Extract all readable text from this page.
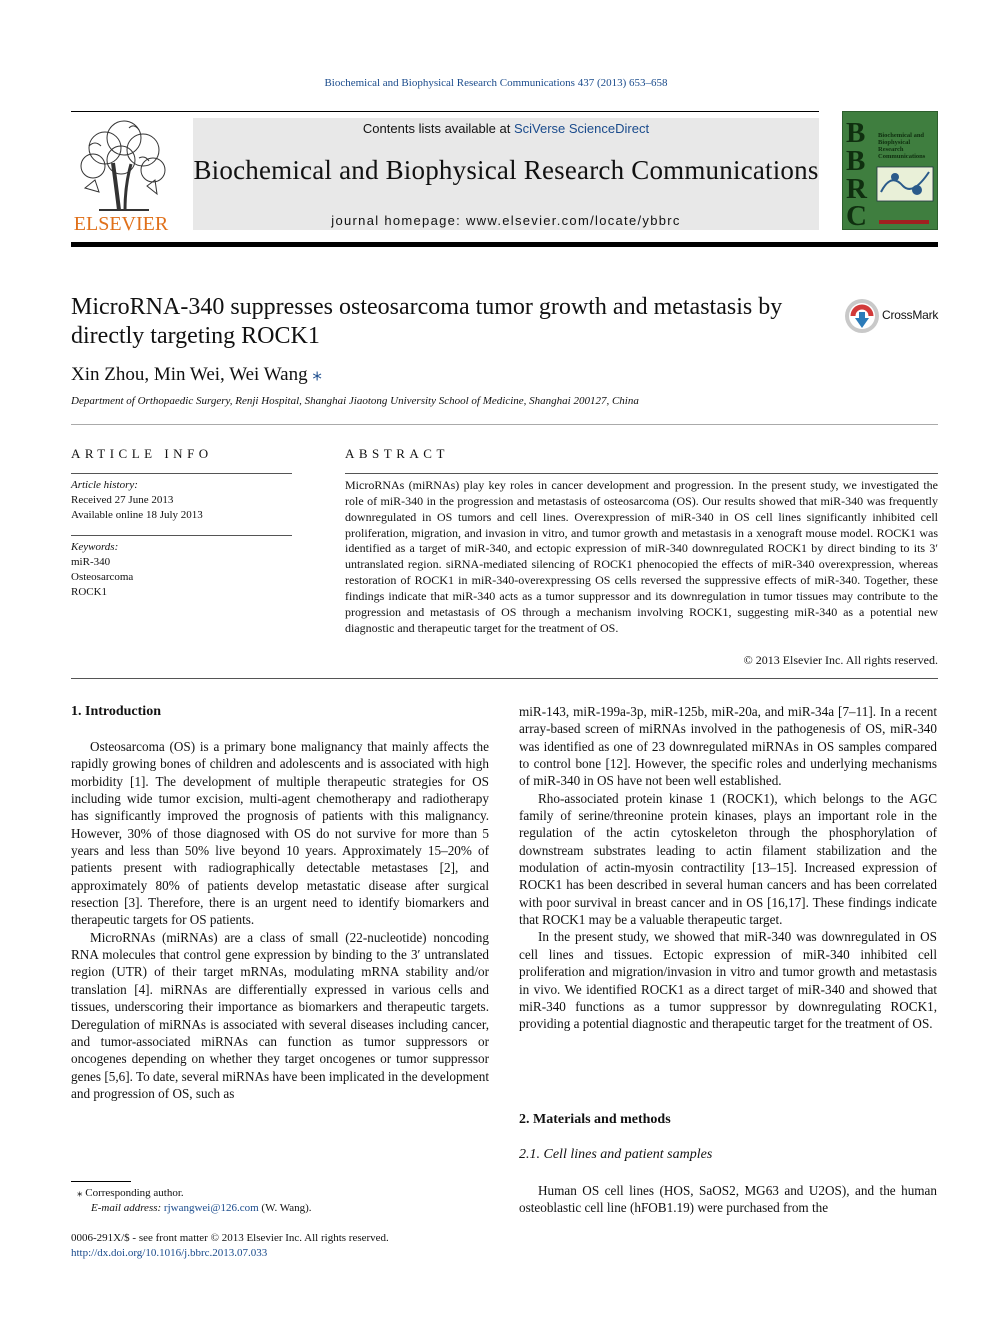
Biochemical and Biophysical Research Communications 437 (2013) 653–658
ELSEVIER
Contents lists available at SciVerse ScienceDirect
Biochemical and Biophysical Research Communications
journal homepage: www.elsevier.com/locate/ybbrc
B
B
R
C
Biochemical and Biophysical Research Communications
MicroRNA-340 suppresses osteosarcoma tumor growth and metastasis by directly targeting ROCK1
CrossMark
Xin Zhou, Min Wei, Wei Wang ⁎
Department of Orthopaedic Surgery, Renji Hospital, Shanghai Jiaotong University School of Medicine, Shanghai 200127, China
ARTICLE INFO	ABSTRACT
Article history:
Received 27 June 2013
Available online 18 July 2013
Keywords:
miR-340
Osteosarcoma
ROCK1
MicroRNAs (miRNAs) play key roles in cancer development and progression. In the present study, we investigated the role of miR-340 in the progression and metastasis of osteosarcoma (OS). Our results showed that miR-340 was frequently downregulated in OS tumors and cell lines. Overexpression of miR-340 in OS cell lines significantly inhibited cell proliferation, migration, and invasion in vitro, and tumor growth and metastasis in a xenograft mouse model. ROCK1 was identified as a target of miR-340, and ectopic expression of miR-340 downregulated ROCK1 by direct binding to its 3′ untranslated region. siRNA-mediated silencing of ROCK1 phenocopied the effects of miR-340 overexpression, whereas restoration of ROCK1 in miR-340-overexpressing OS cells reversed the suppressive effects of miR-340. Together, these findings indicate that miR-340 acts as a tumor suppressor and its downregulation in tumor tissues may contribute to the progression and metastasis of OS through a mechanism involving ROCK1, suggesting miR-340 as a potential new diagnostic and therapeutic target for the treatment of OS.
© 2013 Elsevier Inc. All rights reserved.
1. Introduction

Osteosarcoma (OS) is a primary bone malignancy that mainly affects the rapidly growing bones of children and adolescents and is associated with high morbidity [1]. The development of multiple therapeutic strategies for OS including wide tumor excision, multi-agent chemotherapy and radiotherapy has significantly improved the prognosis of patients with this malignancy. However, 30% of those diagnosed with OS do not survive for more than 5 years and less than 50% live beyond 10 years. Approximately 15–20% of patients present with radiographically detectable metastases [2], and approximately 80% of patients develop metastatic disease after surgical resection [3]. Therefore, there is an urgent need to identify biomarkers and therapeutic targets for OS patients.

MicroRNAs (miRNAs) are a class of small (22-nucleotide) noncoding RNA molecules that control gene expression by binding to the 3′ untranslated region (UTR) of their target mRNAs, modulating mRNA stability and/or translation [4]. miRNAs are differentially expressed in various cells and tissues, underscoring their importance as biomarkers and therapeutic targets. Deregulation of miRNAs is associated with several diseases including cancer, and tumor-associated miRNAs can function as tumor suppressors or oncogenes depending on whether they target oncogenes or tumor suppressor genes [5,6]. To date, several miRNAs have been implicated in the development and progression of OS, such as

miR-143, miR-199a-3p, miR-125b, miR-20a, and miR-34a [7–11]. In a recent array-based screen of miRNAs involved in the pathogenesis of OS, miR-340 was identified as one of 23 downregulated miRNAs in OS samples compared to control bone [12]. However, the specific roles and underlying mechanisms of miR-340 in OS have not been well established.

Rho-associated protein kinase 1 (ROCK1), which belongs to the AGC family of serine/threonine protein kinases, plays an important role in the regulation of the actin cytoskeleton through the phosphorylation of downstream substrates leading to actin filament stabilization and the modulation of actin-myosin contractility [13–15]. Increased expression of ROCK1 has been described in several human cancers and has been correlated with poor survival in breast cancer and in OS [16,17]. These findings indicate that ROCK1 may be a valuable therapeutic target.

In the present study, we showed that miR-340 was downregulated in OS cell lines and tissues. Ectopic expression of miR-340 inhibited cell proliferation and migration/invasion in vitro and tumor growth and metastasis in vivo. We identified ROCK1 as a direct target of miR-340 and showed that miR-340 functions as a tumor suppressor by downregulating ROCK1, providing a potential diagnostic and therapeutic target for the treatment of OS.

2. Materials and methods
2.1. Cell lines and patient samples

Human OS cell lines (HOS, SaOS2, MG63 and U2OS), and the human osteoblastic cell line (hFOB1.19) were purchased from the

⁎ Corresponding author.
E-mail address: rjwangwei@126.com (W. Wang).
0006-291X/$ - see front matter © 2013 Elsevier Inc. All rights reserved.
http://dx.doi.org/10.1016/j.bbrc.2013.07.033
